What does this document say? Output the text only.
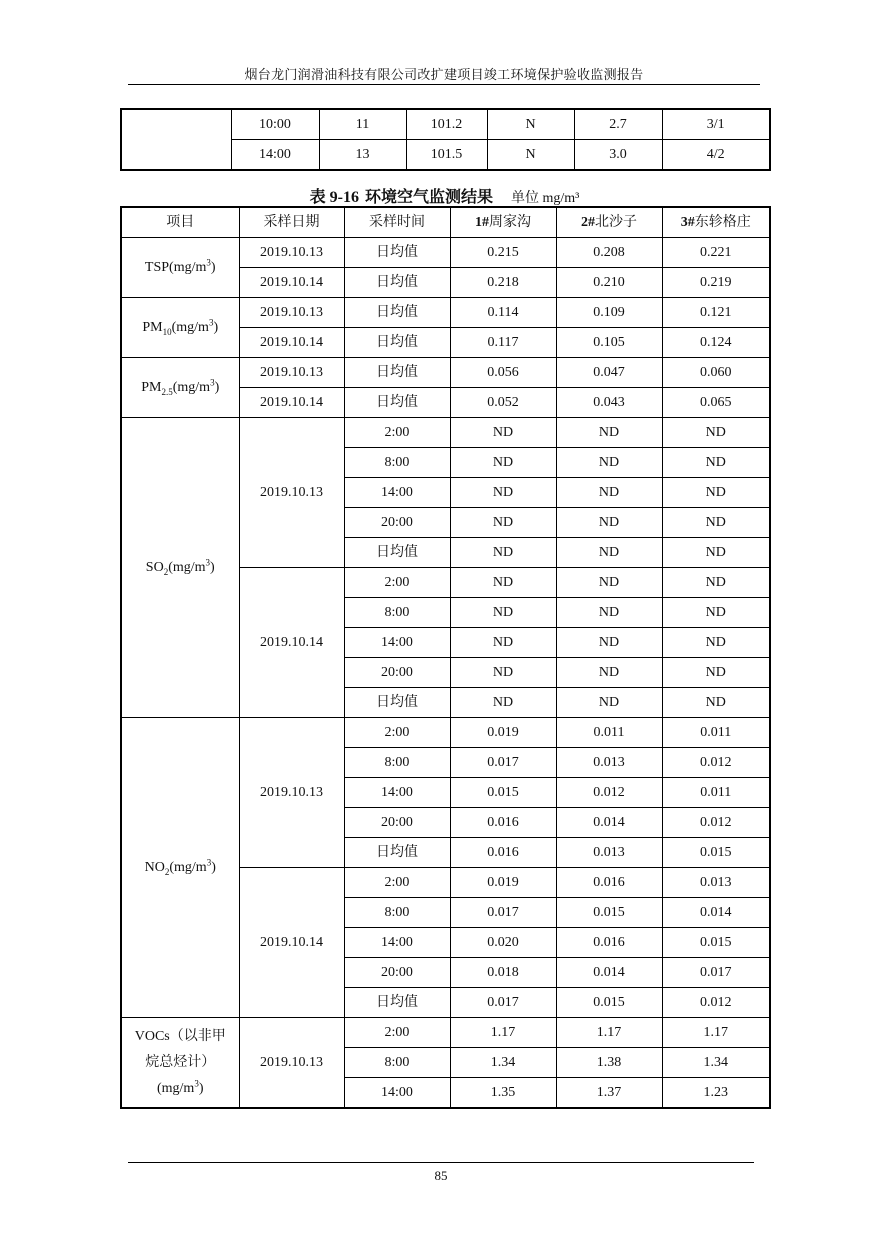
烟台龙门润滑油科技有限公司改扩建项目竣工环境保护验收监测报告
	10:00	11	101.2	N	2.7	3/1
	14:00	13	101.5	N	3.0	4/2
表 9-16 环境空气监测结果 单位 mg/m³
项目	采样日期	采样时间	1#周家沟	2#北沙子	3#东轸格庄
$TSP(mg/m^3)$	2019.10.13	日均值	0.215	0.208	0.221
	2019.10.14	日均值	0.218	0.210	0.219
$PM_{10}(mg/m^3)$	2019.10.13	日均值	0.114	0.109	0.121
	2019.10.14	日均值	0.117	0.105	0.124
$PM_{2.5}(mg/m^3)$	2019.10.13	日均值	0.056	0.047	0.060
	2019.10.14	日均值	0.052	0.043	0.065
$SO_2(mg/m^3)$	2019.10.13	2:00	ND	ND	ND
		8:00	ND	ND	ND
		14:00	ND	ND	ND
		20:00	ND	ND	ND
		日均值	ND	ND	ND
	2019.10.14	2:00	ND	ND	ND
		8:00	ND	ND	ND
		14:00	ND	ND	ND
		20:00	ND	ND	ND
		日均值	ND	ND	ND
$NO_2(mg/m^3)$	2019.10.13	2:00	0.019	0.011	0.011
		8:00	0.017	0.013	0.012
		14:00	0.015	0.012	0.011
		20:00	0.016	0.014	0.012
		日均值	0.016	0.013	0.015
	2019.10.14	2:00	0.019	0.016	0.013
		8:00	0.017	0.015	0.014
		14:00	0.020	0.016	0.015
		20:00	0.018	0.014	0.017
		日均值	0.017	0.015	0.012
VOCs（以非甲
烷总烃计）
$(mg/m^3)$	2019.10.13	2:00	1.17	1.17	1.17
		8:00	1.34	1.38	1.34
		14:00	1.35	1.37	1.23
85
